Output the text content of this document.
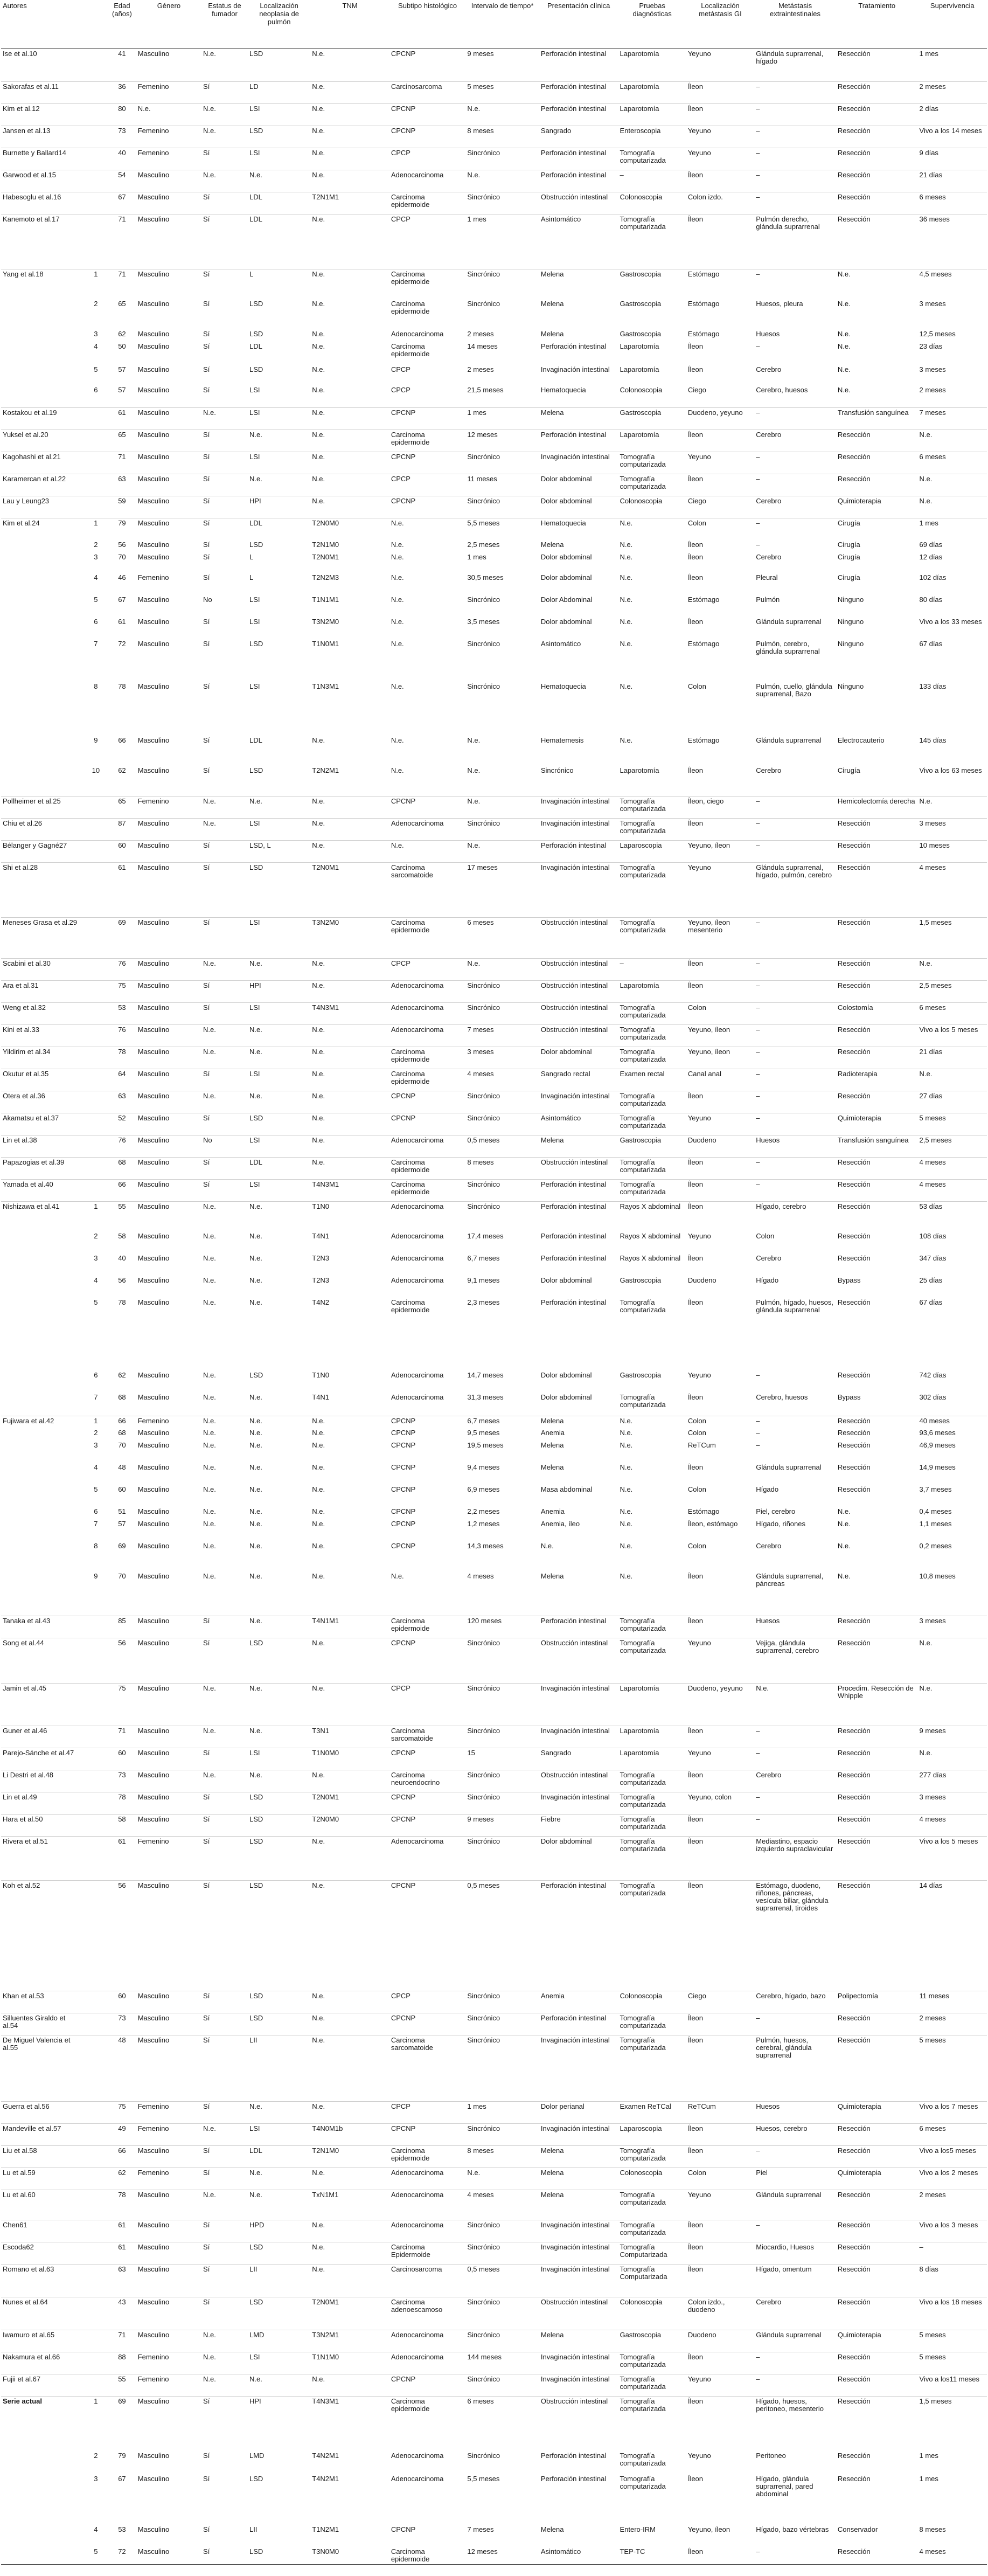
Autores		Edad (años)	Género	Estatus de fumador	Localización neoplasia de pulmón	TNM	Subtipo histológico	Intervalo de tiempo*	Presentación clínica	Pruebas diagnósticas	Localización metástasis GI	Metástasis extraintestinales	Tratamiento	Supervivencia
Ise et al.10		41	Masculino	N.e.	LSD	N.e.	CPCNP	9 meses	Perforación intestinal	Laparotomía	Yeyuno	Glándula suprarrenal, hígado	Resección	1 mes
Sakorafas et al.11		36	Femenino	Sí	LD	N.e.	Carcinosarcoma	5 meses	Perforación intestinal	Laparotomía	Íleon	–	Resección	2 meses
Kim et al.12		80	N.e.	N.e.	LSI	N.e.	CPCNP	N.e.	Perforación intestinal	Laparotomía	Íleon	–	Resección	2 días
Jansen et al.13		73	Femenino	N.e.	LSD	N.e.	CPCNP	8 meses	Sangrado	Enteroscopia	Yeyuno	–	Resección	Vivo a los 14 meses
Burnette y Ballard14		40	Femenino	Sí	LSI	N.e.	CPCP	Sincrónico	Perforación intestinal	Tomografía computarizada	Yeyuno	–	Resección	9 días
Garwood et al.15		54	Masculino	N.e.	N.e.	N.e.	Adenocarcinoma	N.e.	Perforación intestinal	–	Íleon	–	Resección	21 días
Habesoglu et al.16		67	Masculino	Sí	LDL	T2N1M1	Carcinoma epidermoide	Sincrónico	Obstrucción intestinal	Colonoscopia	Colon izdo.	–	Resección	6 meses
Kanemoto et al.17		71	Masculino	Sí	LDL	N.e.	CPCP	1 mes	Asintomático	Tomografía computarizada	Íleon	Pulmón derecho, glándula suprarrenal	Resección	36 meses
Yang et al.18	1	71	Masculino	Sí	L	N.e.	Carcinoma epidermoide	Sincrónico	Melena	Gastroscopia	Estómago	–	N.e.	4,5 meses
	2	65	Masculino	Sí	LSD	N.e.	Carcinoma epidermoide	Sincrónico	Melena	Gastroscopia	Estómago	Huesos, pleura	N.e.	3 meses
	3	62	Masculino	Sí	LSD	N.e.	Adenocarcinoma	2 meses	Melena	Gastroscopia	Estómago	Huesos	N.e.	12,5 meses
	4	50	Masculino	Sí	LDL	N.e.	Carcinoma epidermoide	14 meses	Perforación intestinal	Laparotomía	Íleon	–	N.e.	23 días
	5	57	Masculino	Sí	LSD	N.e.	CPCP	2 meses	Invaginación intestinal	Laparotomía	Íleon	Cerebro	N.e.	3 meses
	6	57	Masculino	Sí	LSI	N.e.	CPCP	21,5 meses	Hematoquecia	Colonoscopia	Ciego	Cerebro, huesos	N.e.	2 meses
Kostakou et al.19		61	Masculino	N.e.	LSI	N.e.	CPCNP	1 mes	Melena	Gastroscopia	Duodeno, yeyuno	–	Transfusión sanguínea	7 meses
Yuksel et al.20		65	Masculino	Sí	N.e.	N.e.	Carcinoma epidermoide	12 meses	Perforación intestinal	Laparotomía	Íleon	Cerebro	Resección	N.e.
Kagohashi et al.21		71	Masculino	Sí	LSI	N.e.	CPCNP	Sincrónico	Invaginación intestinal	Tomografía computarizada	Yeyuno	–	Resección	6 meses
Karamercan et al.22		63	Masculino	Sí	N.e.	N.e.	CPCP	11 meses	Dolor abdominal	Tomografía computarizada	Íleon	–	Resección	N.e.
Lau y Leung23		59	Masculino	Sí	HPI	N.e.	CPCNP	Sincrónico	Dolor abdominal	Colonoscopia	Ciego	Cerebro	Quimioterapia	N.e.
Kim et al.24	1	79	Masculino	Sí	LDL	T2N0M0	N.e.	5,5 meses	Hematoquecia	N.e.	Colon	–	Cirugía	1 mes
	2	56	Masculino	Sí	LSD	T2N1M0	N.e.	2,5 meses	Melena	N.e.	Íleon	–	Cirugía	69 días
	3	70	Masculino	Sí	L	T2N0M1	N.e.	1 mes	Dolor abdominal	N.e.	Íleon	Cerebro	Cirugía	12 días
	4	46	Femenino	Sí	L	T2N2M3	N.e.	30,5 meses	Dolor abdominal	N.e.	Íleon	Pleural	Cirugía	102 días
	5	67	Masculino	No	LSI	T1N1M1	N.e.	Sincrónico	Dolor Abdominal	N.e.	Estómago	Pulmón	Ninguno	80 días
	6	61	Masculino	Sí	LSI	T3N2M0	N.e.	3,5 meses	Dolor abdominal	N.e.	Íleon	Glándula suprarrenal	Ninguno	Vivo a los 33 meses
	7	72	Masculino	Sí	LSD	T1N0M1	N.e.	Sincrónico	Asintomático	N.e.	Estómago	Pulmón, cerebro, glándula suprarrenal	Ninguno	67 días
	8	78	Masculino	Sí	LSI	T1N3M1	N.e.	Sincrónico	Hematoquecia	N.e.	Colon	Pulmón, cuello, glándula suprarrenal, Bazo	Ninguno	133 días
	9	66	Masculino	Sí	LDL	N.e.	N.e.	N.e.	Hematemesis	N.e.	Estómago	Glándula suprarrenal	Electrocauterio	145 días
	10	62	Masculino	Sí	LSD	T2N2M1	N.e.	N.e.	Sincrónico	Laparotomía	Íleon	Cerebro	Cirugía	Vivo a los 63 meses
Pollheimer et al.25		65	Femenino	N.e.	N.e.	N.e.	CPCNP	N.e.	Invaginación intestinal	Tomografía computarizada	Íleon, ciego	–	Hemicolectomía derecha	N.e.
Chiu et al.26		87	Masculino	N.e.	LSI	N.e.	Adenocarcinoma	Sincrónico	Invaginación intestinal	Tomografía computarizada	Íleon	–	Resección	3 meses
Bélanger y Gagné27		60	Masculino	Sí	LSD, L	N.e.	N.e.	N.e.	Perforación intestinal	Laparoscopia	Yeyuno, íleon	–	Resección	10 meses
Shi et al.28		61	Masculino	Sí	LSD	T2N0M1	Carcinoma sarcomatoide	17 meses	Invaginación intestinal	Tomografía computarizada	Yeyuno	Glándula suprarrenal, hígado, pulmón, cerebro	Resección	4 meses
Meneses Grasa et al.29		69	Masculino	Sí	LSI	T3N2M0	Carcinoma epidermoide	6 meses	Obstrucción intestinal	Tomografía computarizada	Yeyuno, íleon mesenterio	–	Resección	1,5 meses
Scabini et al.30		76	Masculino	N.e.	N.e.	N.e.	CPCP	N.e.	Obstrucción intestinal	–	Íleon	–	Resección	N.e.
Ara et al.31		75	Masculino	Sí	HPI	N.e.	Adenocarcinoma	Sincrónico	Obstrucción intestinal	Laparotomía	Íleon	–	Resección	2,5 meses
Weng et al.32		53	Masculino	Sí	LSI	T4N3M1	Adenocarcinoma	Sincrónico	Obstrucción intestinal	Tomografía computarizada	Colon	–	Colostomía	6 meses
Kini et al.33		76	Masculino	N.e.	N.e.	N.e.	Adenocarcinoma	7 meses	Obstrucción intestinal	Tomografía computarizada	Yeyuno, íleon	–	Resección	Vivo a los 5 meses
Yildirim et al.34		78	Masculino	N.e.	N.e.	N.e.	Carcinoma epidermoide	3 meses	Dolor abdominal	Tomografía computarizada	Yeyuno, íleon	–	Resección	21 días
Okutur et al.35		64	Masculino	Sí	LSI	N.e.	Carcinoma epidermoide	4 meses	Sangrado rectal	Examen rectal	Canal anal	–	Radioterapia	N.e.
Otera et al.36		63	Masculino	N.e.	N.e.	N.e.	CPCNP	Sincrónico	Invaginación intestinal	Tomografía computarizada	Íleon	–	Resección	27 días
Akamatsu et al.37		52	Masculino	Sí	LSD	N.e.	CPCNP	Sincrónico	Asintomático	Tomografía computarizada	Yeyuno	–	Quimioterapia	5 meses
Lin et al.38		76	Masculino	No	LSI	N.e.	Adenocarcinoma	0,5 meses	Melena	Gastroscopia	Duodeno	Huesos	Transfusión sanguínea	2,5 meses
Papazogias et al.39		68	Masculino	Sí	LDL	N.e.	Carcinoma epidermoide	8 meses	Obstrucción intestinal	Tomografía computarizada	Íleon	–	Resección	4 meses
Yamada et al.40		66	Masculino	Sí	LSI	T4N3M1	Carcinoma epidermoide	Sincrónico	Perforación intestinal	Tomografía computarizada	Íleon	–	Resección	4 meses
Nishizawa et al.41	1	55	Masculino	N.e.	N.e.	T1N0	Adenocarcinoma	Sincrónico	Perforación intestinal	Rayos X abdominal	Íleon	Hígado, cerebro	Resección	53 días
	2	58	Masculino	N.e.	N.e.	T4N1	Adenocarcinoma	17,4 meses	Perforación intestinal	Rayos X abdominal	Yeyuno	Colon	Resección	108 días
	3	40	Masculino	N.e.	N.e.	T2N3	Adenocarcinoma	6,7 meses	Perforación intestinal	Rayos X abdominal	Íleon	Cerebro	Resección	347 días
	4	56	Masculino	N.e.	N.e.	T2N3	Adenocarcinoma	9,1 meses	Dolor abdominal	Gastroscopia	Duodeno	Hígado	Bypass	25 días
	5	78	Masculino	N.e.	N.e.	T4N2	Carcinoma epidermoide	2,3 meses	Perforación intestinal	Tomografía computarizada	Íleon	Pulmón, hígado, huesos, glándula suprarrenal	Resección	67 días
	6	62	Masculino	N.e.	LSD	T1N0	Adenocarcinoma	14,7 meses	Dolor abdominal	Gastroscopia	Yeyuno	–	Resección	742 días
	7	68	Masculino	N.e.	N.e.	T4N1	Adenocarcinoma	31,3 meses	Dolor abdominal	Tomografía computarizada	Íleon	Cerebro, huesos	Bypass	302 días
Fujiwara et al.42	1	66	Femenino	N.e.	N.e.	N.e.	CPCNP	6,7 meses	Melena	N.e.	Colon	–	Resección	40 meses
	2	68	Masculino	N.e.	N.e.	N.e.	CPCNP	9,5 meses	Anemia	N.e.	Colon	–	Resección	93,6 meses
	3	70	Masculino	N.e.	N.e.	N.e.	CPCNP	19,5 meses	Melena	N.e.	ReTCum	–	Resección	46,9 meses
	4	48	Masculino	N.e.	N.e.	N.e.	CPCNP	9,4 meses	Melena	N.e.	Íleon	Glándula suprarrenal	Resección	14,9 meses
	5	60	Masculino	N.e.	N.e.	N.e.	CPCNP	6,9 meses	Masa abdominal	N.e.	Colon	Hígado	Resección	3,7 meses
	6	51	Masculino	N.e.	N.e.	N.e.	CPCNP	2,2 meses	Anemia	N.e.	Estómago	Piel, cerebro	N.e.	0,4 meses
	7	57	Masculino	N.e.	N.e.	N.e.	CPCNP	1,2 meses	Anemia, íleo	N.e.	Íleon, estómago	Hígado, riñones	N.e.	1,1 meses
	8	69	Masculino	N.e.	N.e.	N.e.	CPCNP	14,3 meses	N.e.	N.e.	Colon	Cerebro	N.e.	0,2 meses
	9	70	Masculino	N.e.	N.e.	N.e.	N.e.	4 meses	Melena	N.e.	Íleon	Glándula suprarrenal, páncreas	N.e.	10,8 meses
Tanaka et al.43		85	Masculino	Sí	N.e.	T4N1M1	Carcinoma epidermoide	120 meses	Perforación intestinal	Tomografía computarizada	Íleon	Huesos	Resección	3 meses
Song et al.44		56	Masculino	Sí	LSD	N.e.	CPCNP	Sincrónico	Obstrucción intestinal	Tomografía computarizada	Yeyuno	Vejiga, glándula suprarrenal, cerebro	Resección	N.e.
Jamin et al.45		75	Masculino	N.e.	N.e.	N.e.	CPCP	Sincrónico	Invaginación intestinal	Laparotomía	Duodeno, yeyuno	N.e.	Procedim. Resección de Whipple	N.e.
Guner et al.46		71	Masculino	N.e.	N.e.	T3N1	Carcinoma sarcomatoide	Sincrónico	Invaginación intestinal	Laparotomía	Íleon	–	Resección	9 meses
Parejo-Sánche et al.47		60	Masculino	Sí	LSI	T1N0M0	CPCNP	15	Sangrado	Laparotomía	Yeyuno	–	Resección	N.e.
Li Destri et al.48		73	Masculino	N.e.	N.e.	N.e.	Carcinoma neuroendocrino	Sincrónico	Obstrucción intestinal	Tomografía computarizada	Íleon	Cerebro	Resección	277 días
Lin et al.49		78	Masculino	Sí	LSD	T2N0M1	CPCNP	Sincrónico	Invaginación intestinal	Tomografía computarizada	Yeyuno, colon	–	Resección	3 meses
Hara et al.50		58	Masculino	Sí	LSD	T2N0M0	CPCNP	9 meses	Fiebre	Tomografía computarizada	Íleon	–	Resección	4 meses
Rivera et al.51		61	Femenino	Sí	LSD	N.e.	Adenocarcinoma	Sincrónico	Dolor abdominal	Tomografía computarizada	Íleon	Mediastino, espacio izquierdo supraclavicular	Resección	Vivo a los 5 meses
Koh et al.52		56	Masculino	Sí	LSD	N.e.	CPCNP	0,5 meses	Perforación intestinal	Tomografía computarizada	Íleon	Estómago, duodeno, riñones, páncreas, vesícula biliar, glándula suprarrenal, tiroides	Resección	14 días
Khan et al.53		60	Masculino	Sí	LSD	N.e.	CPCP	Sincrónico	Anemia	Colonoscopia	Ciego	Cerebro, hígado, bazo	Polipectomía	11 meses
Silluentes Giraldo et al.54		73	Masculino	Sí	LSD	N.e.	CPCNP	Sincrónico	Perforación intestinal	Tomografía computarizada	Íleon	–	Resección	2 meses
De Miguel Valencia et al.55		48	Masculino	Sí	LII	N.e.	Carcinoma sarcomatoide	Sincrónico	Invaginación intestinal	Tomografía computarizada	Íleon	Pulmón, huesos, cerebral, glándula suprarrenal	Resección	5 meses
Guerra et al.56		75	Femenino	Sí	N.e.	N.e.	CPCP	1 mes	Dolor perianal	Examen ReTCal	ReTCum	Huesos	Quimioterapia	Vivo a los 7 meses
Mandeville et al.57		49	Femenino	N.e.	LSI	T4N0M1b	CPCNP	Sincrónico	Invaginación intestinal	Laparoscopia	Íleon	Huesos, cerebro	Resección	6 meses
Liu et al.58		66	Masculino	Sí	LDL	T2N1M0	Carcinoma epidermoide	8 meses	Melena	Tomografía computarizada	Íleon	–	Resección	Vivo a los5 meses
Lu et al.59		62	Femenino	Sí	N.e.	N.e.	Adenocarcinoma	N.e.	Melena	Colonoscopia	Colon	Piel	Quimioterapia	Vivo a los 2 meses
Lu et al.60		78	Masculino	N.e.	N.e.	TxN1M1	Adenocarcinoma	4 meses	Melena	Tomografía computarizada	Yeyuno	Glándula suprarrenal	Resección	2 meses
Chen61		61	Masculino	Sí	HPD	N.e.	Adenocarcinoma	Sincrónico	Invaginación intestinal	Tomografía computarizada	Íleon	–	Resección	Vivo a los 3 meses
Escoda62		61	Masculino	Sí	LSD	N.e.	Carcinoma Epidermoide	Sincrónico	Invaginación intestinal	Tomografía Computarizada	Íleon	Miocardio, Huesos	Resección	–
Romano et al.63		63	Masculino	Sí	LII	N.e.	Carcinosarcoma	0,5 meses	Invaginación intestinal	Tomografía Computarizada	Íleon	Hígado, omentum	Resección	8 días
Nunes et al.64		43	Masculino	Sí	LSD	T2N0M1	Carcinoma adenoescamoso	Sincrónico	Obstrucción intestinal	Colonoscopia	Colon izdo., duodeno	Cerebro	Resección	Vivo a los 18 meses
Iwamuro et al.65		71	Masculino	N.e.	LMD	T3N2M1	Adenocarcinoma	Sincrónico	Melena	Gastroscopia	Duodeno	Glándula suprarrenal	Quimioterapia	5 meses
Nakamura et al.66		88	Femenino	N.e.	LSI	T1N1M0	Adenocarcinoma	144 meses	Invaginación intestinal	Tomografía computarizada	Íleon	–	Resección	5 meses
Fujii et al.67		55	Femenino	N.e.	N.e.	N.e.	CPCNP	Sincrónico	Invaginación intestinal	Tomografía computarizada	Yeyuno	–	Resección	Vivo a los11 meses
Serie actual	1	69	Masculino	Sí	HPI	T4N3M1	Carcinoma epidermoide	6 meses	Obstrucción intestinal	Tomografía computarizada	Íleon	Hígado, huesos, peritoneo, mesenterio	Resección	1,5 meses
	2	79	Masculino	Sí	LMD	T4N2M1	Adenocarcinoma	Sincrónico	Perforación intestinal	Tomografía computarizada	Yeyuno	Peritoneo	Resección	1 mes
	3	67	Masculino	Sí	LSD	T4N2M1	Adenocarcinoma	5,5 meses	Perforación intestinal	Tomografía computarizada	Íleon	Hígado, glándula suprarrenal, pared abdominal	Resección	1 mes
	4	53	Masculino	Sí	LII	T1N2M1	CPCNP	7 meses	Melena	Entero-IRM	Yeyuno, íleon	Hígado, bazo vértebras	Conservador	8 meses
	5	72	Masculino	Sí	LSD	T3N0M0	Carcinoma epidermoide	12 meses	Asintomático	TEP-TC	Íleon	–	Resección	4 meses
